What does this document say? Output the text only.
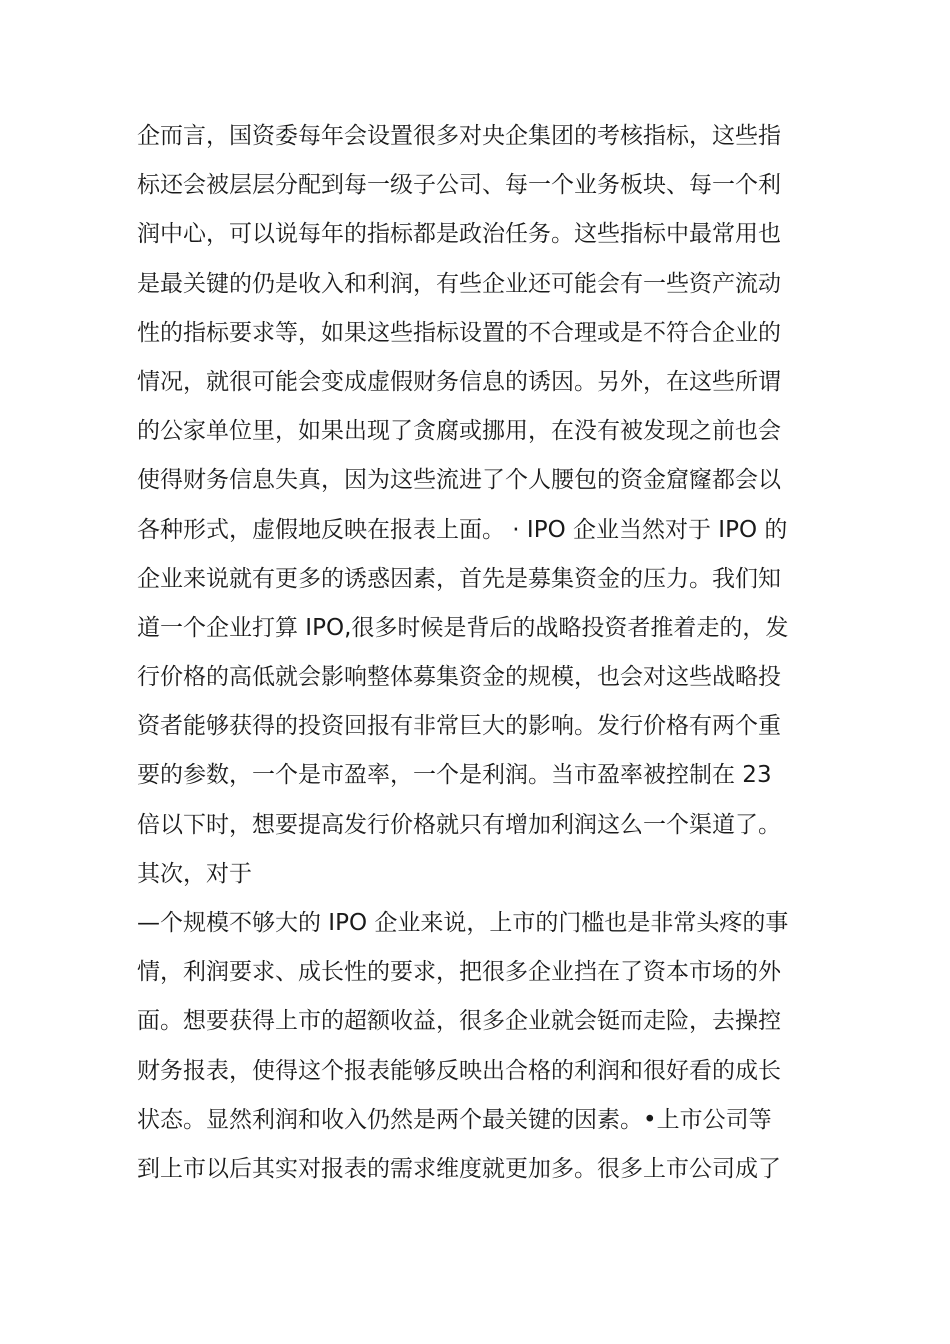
企而言，国资委每年会设置很多对央企集团的考核指标，这些指
标还会被层层分配到每一级子公司、每一个业务板块、每一个利
润中心，可以说每年的指标都是政治任务。这些指标中最常用也
是最关键的仍是收入和利润，有些企业还可能会有一些资产流动
性的指标要求等，如果这些指标设置的不合理或是不符合企业的
情况，就很可能会变成虚假财务信息的诱因。另外，在这些所谓
的公家单位里，如果出现了贪腐或挪用，在没有被发现之前也会
使得财务信息失真，因为这些流进了个人腰包的资金窟窿都会以
各种形式，虚假地反映在报表上面。 · IPO 企业当然对于 IPO 的
企业来说就有更多的诱惑因素，首先是募集资金的压力。我们知
道一个企业打算 IPO,很多时候是背后的战略投资者推着走的，发
行价格的高低就会影响整体募集资金的规模，也会对这些战略投
资者能够获得的投资回报有非常巨大的影响。发行价格有两个重
要的参数，一个是市盈率，一个是利润。当市盈率被控制在 23
倍以下时，想要提高发行价格就只有增加利润这么一个渠道了。
其次，对于
—个规模不够大的 IPO 企业来说，上市的门槛也是非常头疼的事
情，利润要求、成长性的要求，把很多企业挡在了资本市场的外
面。想要获得上市的超额收益，很多企业就会铤而走险，去操控
财务报表，使得这个报表能够反映出合格的利润和很好看的成长
状态。显然利润和收入仍然是两个最关键的因素。•上市公司等
到上市以后其实对报表的需求维度就更加多。很多上市公司成了
